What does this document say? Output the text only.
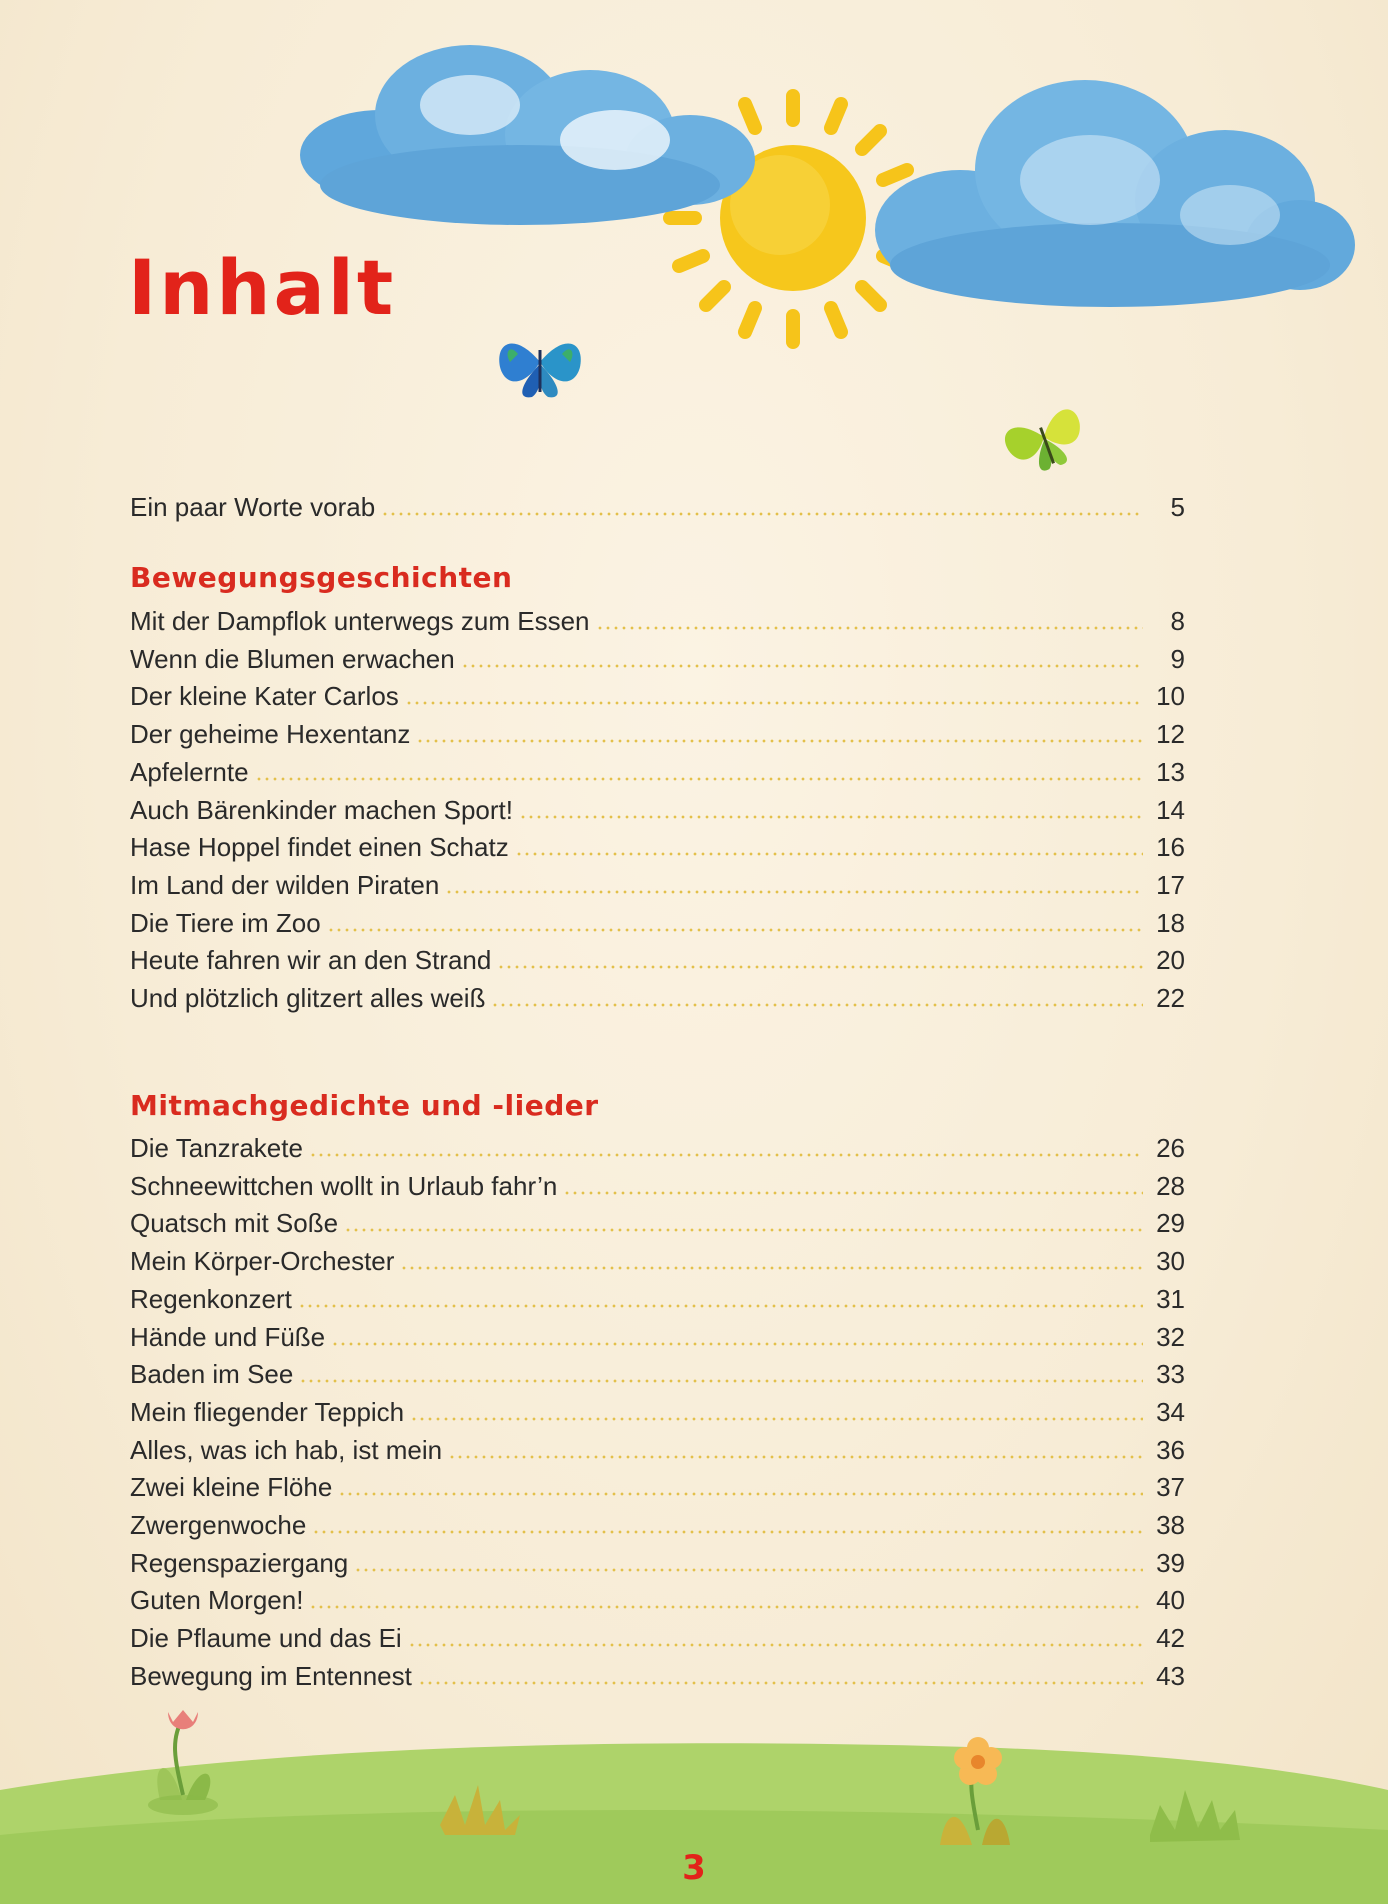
Inhalt
Ein paar Worte vorab	5
Bewegungsgeschichten
Mit der Dampflok unterwegs zum Essen	8
Wenn die Blumen erwachen	9
Der kleine Kater Carlos	10
Der geheime Hexentanz	12
Apfelernte	13
Auch Bärenkinder machen Sport!	14
Hase Hoppel findet einen Schatz	16
Im Land der wilden Piraten	17
Die Tiere im Zoo	18
Heute fahren wir an den Strand	20
Und plötzlich glitzert alles weiß	22
Mitmachgedichte und -lieder
Die Tanzrakete	26
Schneewittchen wollt in Urlaub fahr’n	28
Quatsch mit Soße	29
Mein Körper-Orchester	30
Regenkonzert	31
Hände und Füße	32
Baden im See	33
Mein fliegender Teppich	34
Alles, was ich hab, ist mein	36
Zwei kleine Flöhe	37
Zwergenwoche	38
Regenspaziergang	39
Guten Morgen!	40
Die Pflaume und das Ei	42
Bewegung im Entennest	43
3
